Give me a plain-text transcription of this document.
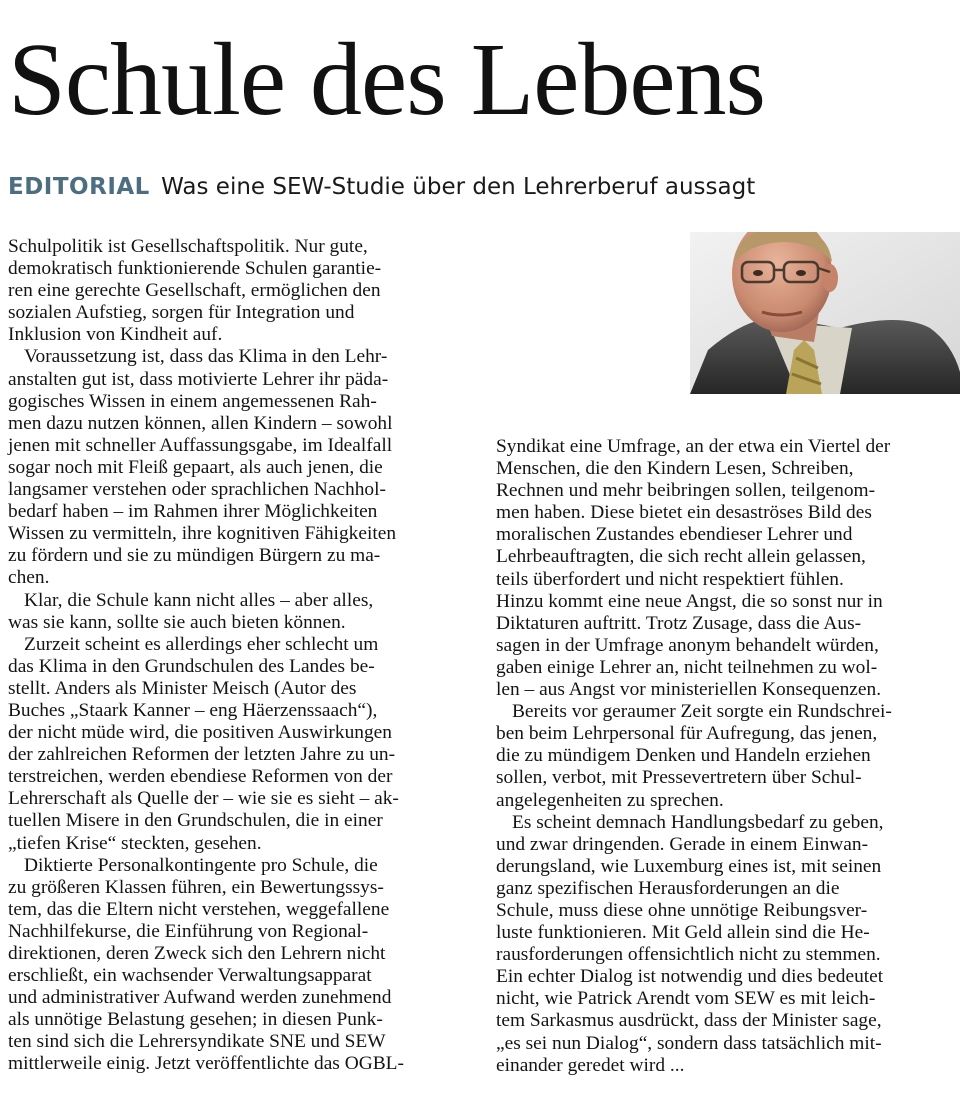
Schule des Lebens
EDITORIAL Was eine SEW-Studie über den Lehrerberuf aussagt
Schulpolitik ist Gesellschaftspolitik. Nur gute,
demokratisch funktionierende Schulen garantie-
ren eine gerechte Gesellschaft, ermöglichen den
sozialen Aufstieg, sorgen für Integration und
Inklusion von Kindheit auf.
Voraussetzung ist, dass das Klima in den Lehr-
anstalten gut ist, dass motivierte Lehrer ihr päda-
gogisches Wissen in einem angemessenen Rah-
men dazu nutzen können, allen Kindern – sowohl
jenen mit schneller Auffassungsgabe, im Idealfall
sogar noch mit Fleiß gepaart, als auch jenen, die
langsamer verstehen oder sprachlichen Nachhol-
bedarf haben – im Rahmen ihrer Möglichkeiten
Wissen zu vermitteln, ihre kognitiven Fähigkeiten
zu fördern und sie zu mündigen Bürgern zu ma-
chen.
Klar, die Schule kann nicht alles – aber alles,
was sie kann, sollte sie auch bieten können.
Zurzeit scheint es allerdings eher schlecht um
das Klima in den Grundschulen des Landes be-
stellt. Anders als Minister Meisch (Autor des
Buches „Staark Kanner – eng Häerzenssaach“),
der nicht müde wird, die positiven Auswirkungen
der zahlreichen Reformen der letzten Jahre zu un-
terstreichen, werden ebendiese Reformen von der
Lehrerschaft als Quelle der – wie sie es sieht – ak-
tuellen Misere in den Grundschulen, die in einer
„tiefen Krise“ steckten, gesehen.
Diktierte Personalkontingente pro Schule, die
zu größeren Klassen führen, ein Bewertungssys-
tem, das die Eltern nicht verstehen, weggefallene
Nachhilfekurse, die Einführung von Regional-
direktionen, deren Zweck sich den Lehrern nicht
erschließt, ein wachsender Verwaltungsapparat
und administrativer Aufwand werden zunehmend
als unnötige Belastung gesehen; in diesen Punk-
ten sind sich die Lehrersyndikate SNE und SEW
mittlerweile einig. Jetzt veröffentlichte das OGBL-
Syndikat eine Umfrage, an der etwa ein Viertel der
Menschen, die den Kindern Lesen, Schreiben,
Rechnen und mehr beibringen sollen, teilgenom-
men haben. Diese bietet ein desaströses Bild des
moralischen Zustandes ebendieser Lehrer und
Lehrbeauftragten, die sich recht allein gelassen,
teils überfordert und nicht respektiert fühlen.
Hinzu kommt eine neue Angst, die so sonst nur in
Diktaturen auftritt. Trotz Zusage, dass die Aus-
sagen in der Umfrage anonym behandelt würden,
gaben einige Lehrer an, nicht teilnehmen zu wol-
len – aus Angst vor ministeriellen Konsequenzen.
Bereits vor geraumer Zeit sorgte ein Rundschrei-
ben beim Lehrpersonal für Aufregung, das jenen,
die zu mündigem Denken und Handeln erziehen
sollen, verbot, mit Pressevertretern über Schul-
angelegenheiten zu sprechen.
Es scheint demnach Handlungsbedarf zu geben,
und zwar dringenden. Gerade in einem Einwan-
derungsland, wie Luxemburg eines ist, mit seinen
ganz spezifischen Herausforderungen an die
Schule, muss diese ohne unnötige Reibungsver-
luste funktionieren. Mit Geld allein sind die He-
rausforderungen offensichtlich nicht zu stemmen.
Ein echter Dialog ist notwendig und dies bedeutet
nicht, wie Patrick Arendt vom SEW es mit leich-
tem Sarkasmus ausdrückt, dass der Minister sage,
„es sei nun Dialog“, sondern dass tatsächlich mit-
einander geredet wird ...
